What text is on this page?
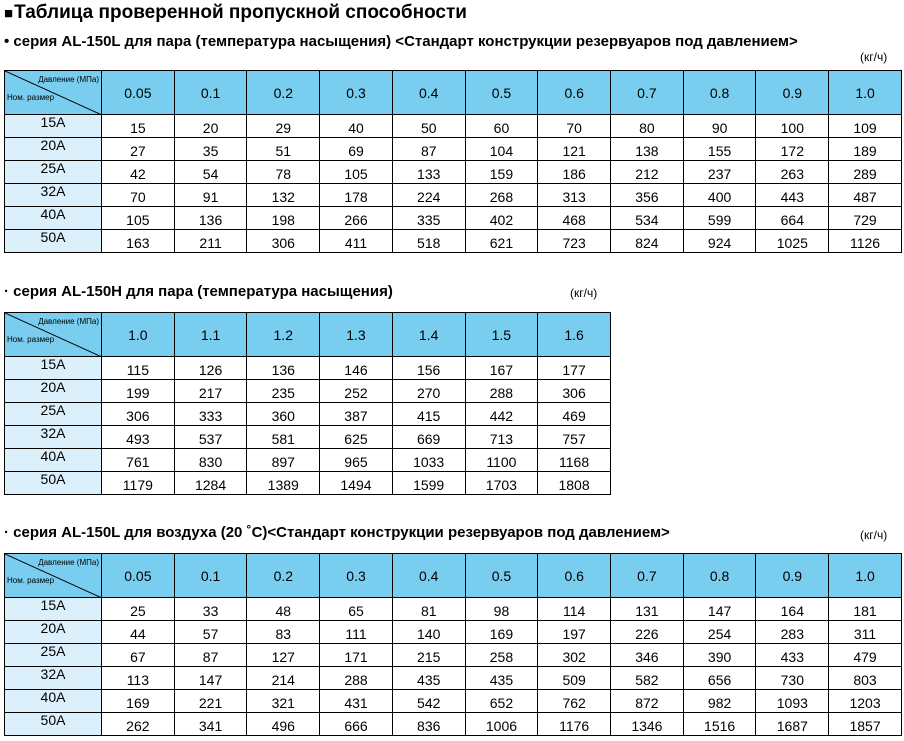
■Таблица проверенной пропускной способности
• серия AL-150L для пара (температура насыщения) <Стандарт конструкции резервуаров под давлением>
(кг/ч)
Давление (МПа)
Ном. размер	0.05	0.1	0.2	0.3	0.4	0.5	0.6	0.7	0.8	0.9	1.0
15A	15	20	29	40	50	60	70	80	90	100	109
20A	27	35	51	69	87	104	121	138	155	172	189
25A	42	54	78	105	133	159	186	212	237	263	289
32A	70	91	132	178	224	268	313	356	400	443	487
40A	105	136	198	266	335	402	468	534	599	664	729
50A	163	211	306	411	518	621	723	824	924	1025	1126
· серия AL-150H для пара (температура насыщения)	(кг/ч)
Давление (МПа)
Ном. размер	1.0	1.1	1.2	1.3	1.4	1.5	1.6
15A	115	126	136	146	156	167	177
20A	199	217	235	252	270	288	306
25A	306	333	360	387	415	442	469
32A	493	537	581	625	669	713	757
40A	761	830	897	965	1033	1100	1168
50A	1179	1284	1389	1494	1599	1703	1808
· серия AL-150L для воздуха (20 ˚C)<Стандарт конструкции резервуаров под давлением>	(кг/ч)
Давление (МПа)
Ном. размер	0.05	0.1	0.2	0.3	0.4	0.5	0.6	0.7	0.8	0.9	1.0
15A	25	33	48	65	81	98	114	131	147	164	181
20A	44	57	83	111	140	169	197	226	254	283	311
25A	67	87	127	171	215	258	302	346	390	433	479
32A	113	147	214	288	435	435	509	582	656	730	803
40A	169	221	321	431	542	652	762	872	982	1093	1203
50A	262	341	496	666	836	1006	1176	1346	1516	1687	1857
